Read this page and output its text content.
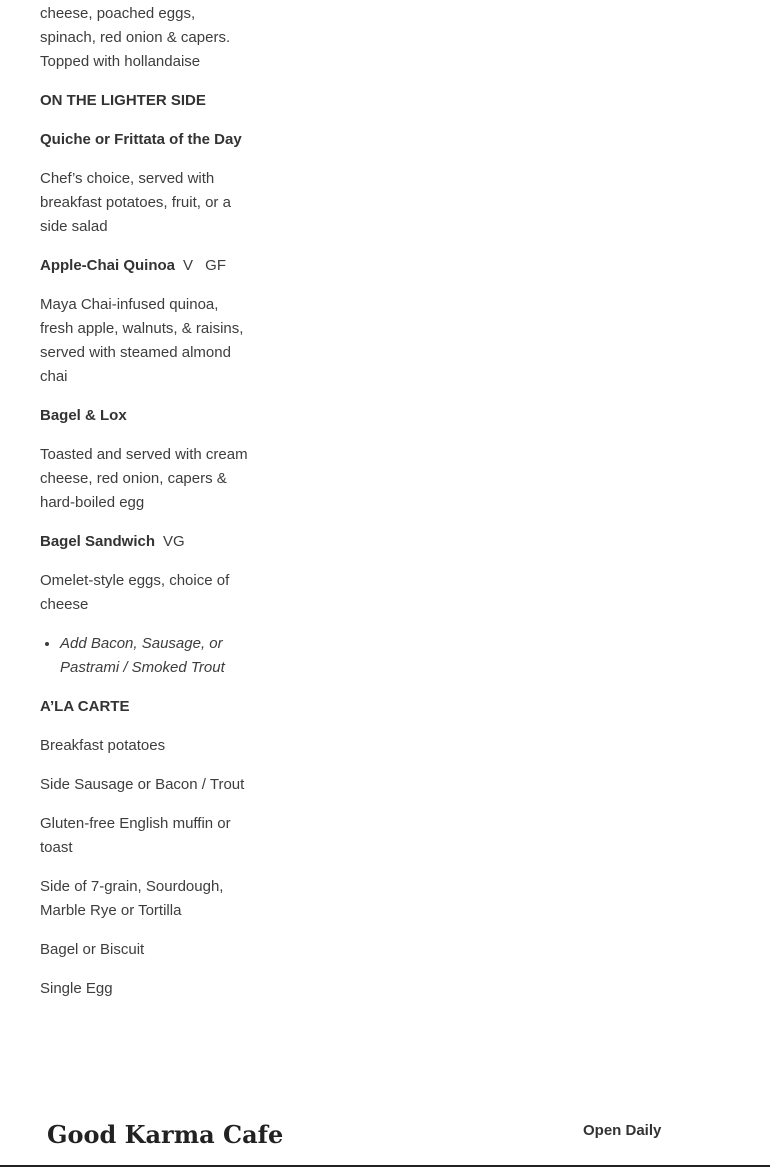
cheese, poached eggs, spinach, red onion & capers. Topped with hollandaise

ON THE LIGHTER SIDE

Quiche or Frittata of the Day

Chef’s choice, served with breakfast potatoes, fruit, or a side salad

Apple-Chai Quinoa V GF

Maya Chai-infused quinoa, fresh apple, walnuts, & raisins, served with steamed almond chai

Bagel & Lox

Toasted and served with cream cheese, red onion, capers & hard-boiled egg

Bagel Sandwich VG

Omelet-style eggs, choice of cheese

• Add Bacon, Sausage, or Pastrami / Smoked Trout

A’LA CARTE

Breakfast potatoes

Side Sausage or Bacon / Trout

Gluten-free English muffin or toast

Side of 7-grain, Sourdough, Marble Rye or Tortilla

Bagel or Biscuit

Single Egg

Good Karma Cafe	Open Daily
